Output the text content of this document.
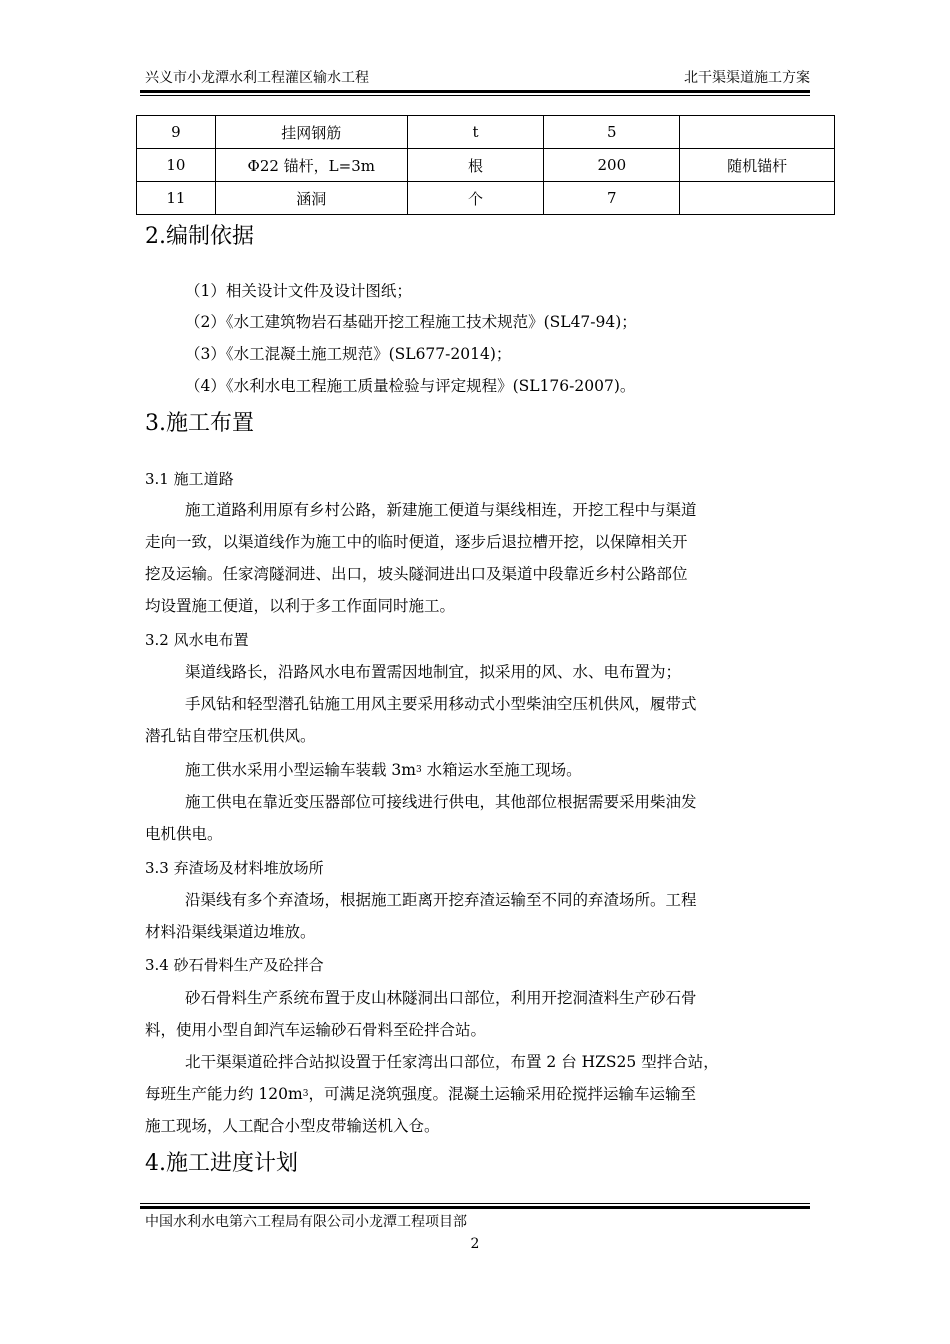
兴义市小龙潭水利工程灌区输水工程	北干渠渠道施工方案
9	挂网钢筋	t	5	
10	Φ22 锚杆，L=3m	根	200	随机锚杆
11	涵洞	个	7	
2.编制依据
（1）相关设计文件及设计图纸；
（2）《水工建筑物岩石基础开挖工程施工技术规范》(SL47-94)；
（3）《水工混凝土施工规范》(SL677-2014)；
（4）《水利水电工程施工质量检验与评定规程》(SL176-2007)。
3.施工布置
3.1 施工道路
施工道路利用原有乡村公路，新建施工便道与渠线相连，开挖工程中与渠道
走向一致，以渠道线作为施工中的临时便道，逐步后退拉槽开挖，以保障相关开
挖及运输。任家湾隧洞进、出口，坡头隧洞进出口及渠道中段靠近乡村公路部位
均设置施工便道，以利于多工作面同时施工。
3.2 风水电布置
渠道线路长，沿路风水电布置需因地制宜，拟采用的风、水、电布置为；
手风钻和轻型潜孔钻施工用风主要采用移动式小型柴油空压机供风，履带式
潜孔钻自带空压机供风。
施工供水采用小型运输车装载 $3m^3$ 水箱运水至施工现场。
施工供电在靠近变压器部位可接线进行供电，其他部位根据需要采用柴油发
电机供电。
3.3 弃渣场及材料堆放场所
沿渠线有多个弃渣场，根据施工距离开挖弃渣运输至不同的弃渣场所。工程
材料沿渠线渠道边堆放。
3.4 砂石骨料生产及砼拌合
砂石骨料生产系统布置于皮山林隧洞出口部位，利用开挖洞渣料生产砂石骨
料，使用小型自卸汽车运输砂石骨料至砼拌合站。
北干渠渠道砼拌合站拟设置于任家湾出口部位，布置 2 台 HZS25 型拌合站，
每班生产能力约 $120m^3$，可满足浇筑强度。混凝土运输采用砼搅拌运输车运输至
施工现场，人工配合小型皮带输送机入仓。
4.施工进度计划
中国水利水电第六工程局有限公司小龙潭工程项目部
2
